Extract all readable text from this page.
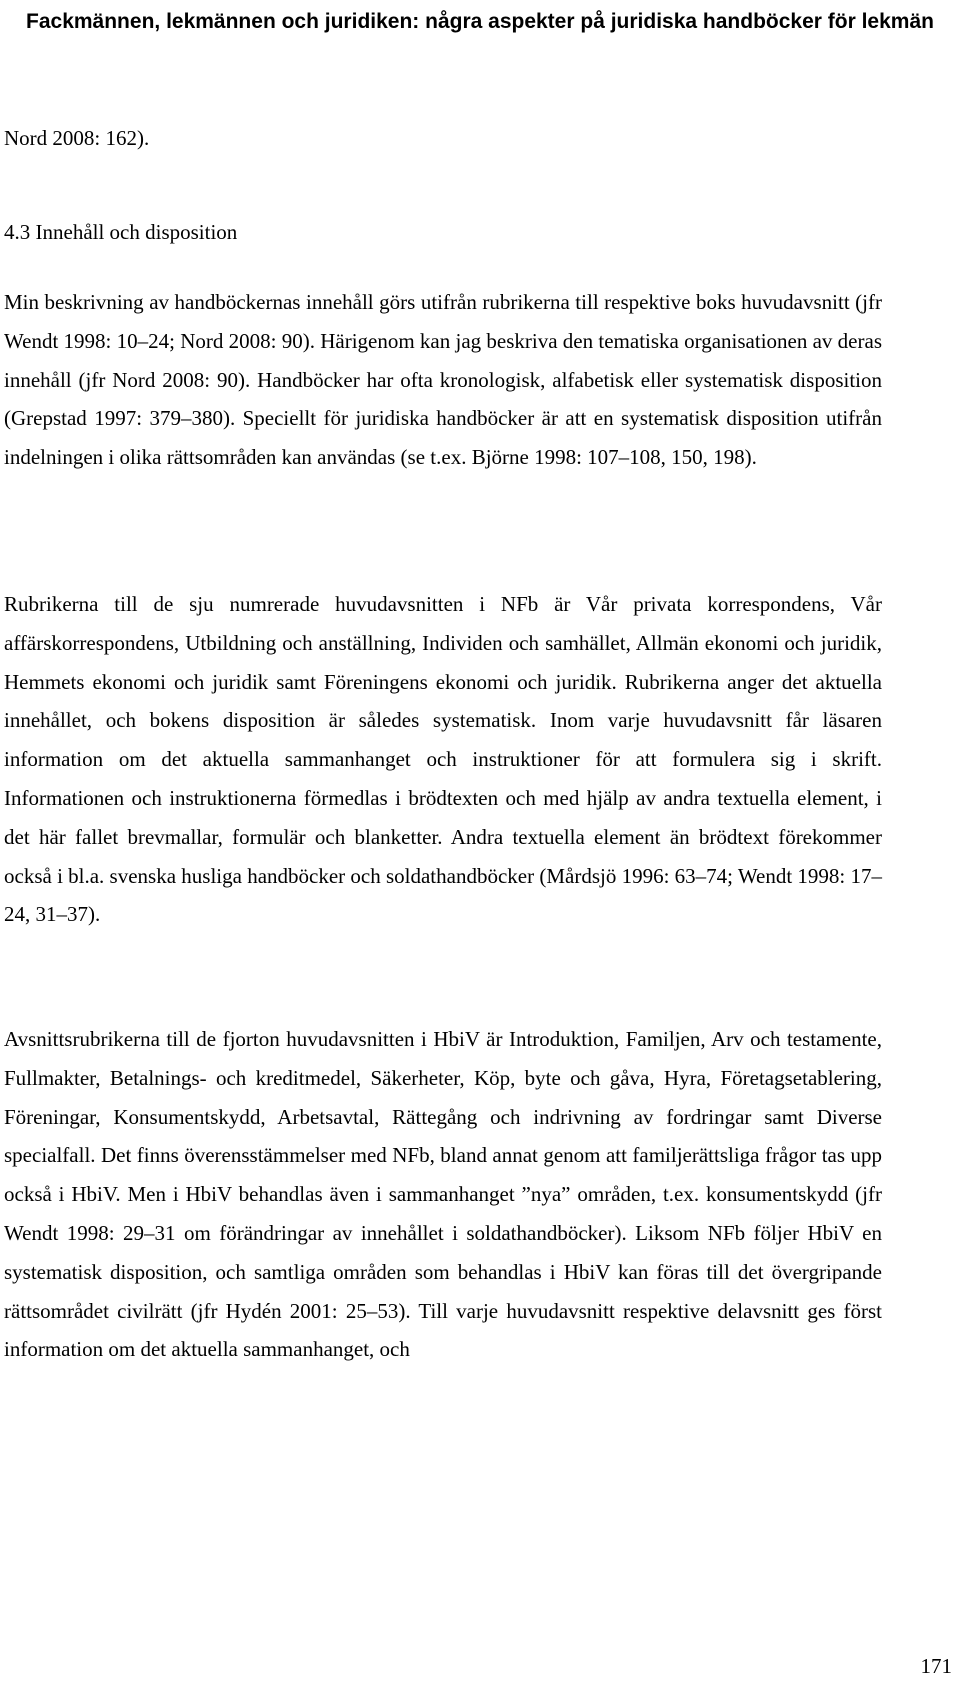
Fackmännen, lekmännen och juridiken: några aspekter på juridiska handböcker för lekmän

Nord 2008: 162).

4.3 Innehåll och disposition

Min beskrivning av handböckernas innehåll görs utifrån rubrikerna till respektive boks huvudavsnitt (jfr Wendt 1998: 10–24; Nord 2008: 90). Härigenom kan jag beskriva den tematiska organisationen av deras innehåll (jfr Nord 2008: 90). Handböcker har ofta kronologisk, alfabetisk eller systematisk disposition (Grepstad 1997: 379–380). Speciellt för juridiska handböcker är att en systematisk disposition utifrån indelningen i olika rättsområden kan användas (se t.ex. Björne 1998: 107–108, 150, 198).

Rubrikerna till de sju numrerade huvudavsnitten i NFb är Vår privata korrespondens, Vår affärskorrespondens, Utbildning och anställning, Individen och samhället, Allmän ekonomi och juridik, Hemmets ekonomi och juridik samt Föreningens ekonomi och juridik. Rubrikerna anger det aktuella innehållet, och bokens disposition är således systematisk. Inom varje huvudavsnitt får läsaren information om det aktuella sammanhanget och instruktioner för att formulera sig i skrift. Informationen och instruktionerna förmedlas i brödtexten och med hjälp av andra textuella element, i det här fallet brevmallar, formulär och blanketter. Andra textuella element än brödtext förekommer också i bl.a. svenska husliga handböcker och soldathandböcker (Mårdsjö 1996: 63–74; Wendt 1998: 17–24, 31–37).

Avsnittsrubrikerna till de fjorton huvudavsnitten i HbiV är Introduktion, Familjen, Arv och testamente, Fullmakter, Betalnings- och kreditmedel, Säkerheter, Köp, byte och gåva, Hyra, Företagsetablering, Föreningar, Konsumentskydd, Arbetsavtal, Rättegång och indrivning av fordringar samt Diverse specialfall. Det finns överensstämmelser med NFb, bland annat genom att familjerättsliga frågor tas upp också i HbiV. Men i HbiV behandlas även i sammanhanget ”nya” områden, t.ex. konsumentskydd (jfr Wendt 1998: 29–31 om förändringar av innehållet i soldathandböcker). Liksom NFb följer HbiV en systematisk disposition, och samtliga områden som behandlas i HbiV kan föras till det övergripande rättsområdet civilrätt (jfr Hydén 2001: 25–53). Till varje huvudavsnitt respektive delavsnitt ges först information om det aktuella sammanhanget, och

171
